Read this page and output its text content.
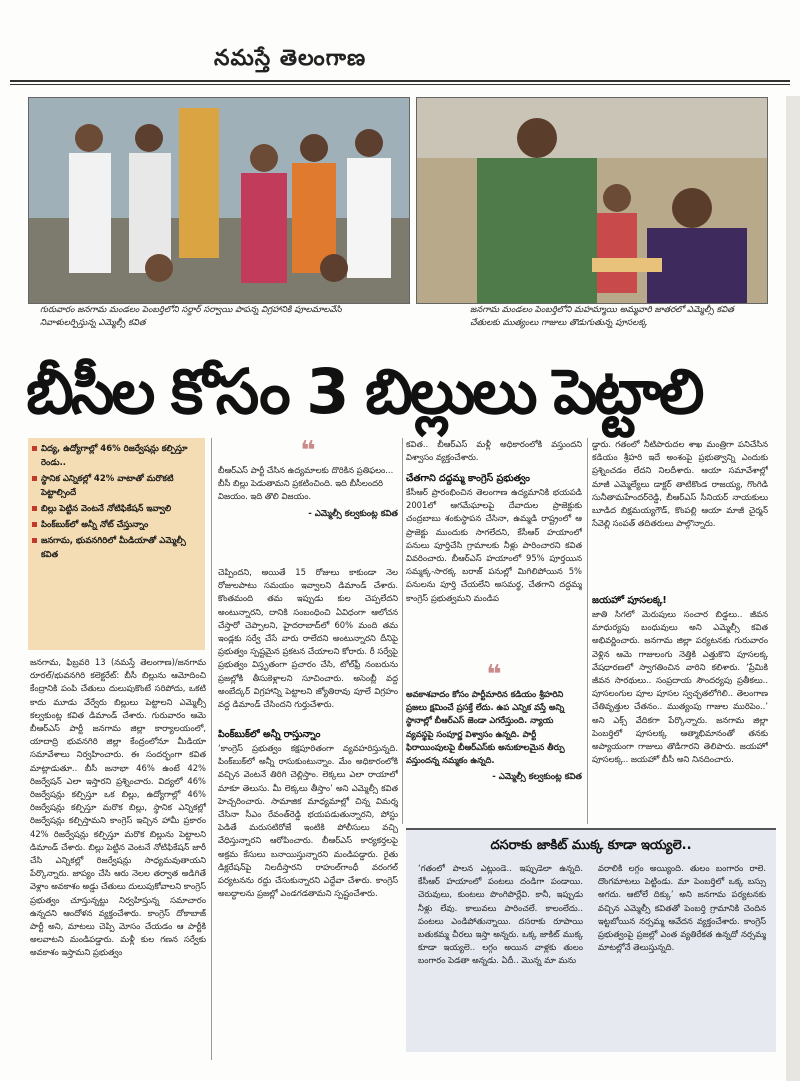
నమస్తే తెలంగాణ
గురువారం జనగామ మండలం పెంబర్తిలోని సర్దార్ సర్వాయి పాపన్న విగ్రహానికి పూలమాలవేసి నివాళులర్పిస్తున్న ఎమ్మెల్సీ కవిత
జనగామ మండలం పెంబర్తిలోని మహమ్మాయి అమ్మవారి జాతరలో ఎమ్మెల్సీ కవిత చేతులకు ముత్యంలు గాజులు తొడుగుతున్న పూసలక్క
బీసీల కోసం 3 బిల్లులు పెట్టాలి
విద్య, ఉద్యోగాల్లో 46% రిజర్వేషన్లు కల్పిస్తూ రెండు..
స్థానిక ఎన్నికల్లో 42% వాటాతో మరొకటి పెట్టాల్సిందే
బిల్లు పెట్టిన వెంటనే నోటిఫికేషన్ ఇవ్వాలి
పింక్‌బుక్‌లో అన్నీ నోట్ చేస్తున్నాం
జనగామ, భువనగిరిలో మీడియాతో ఎమ్మెల్సీ కవిత
❝
బీఆర్‌ఎస్ పార్టీ చేసిన ఉద్యమాలకు దొరికిన ప్రతిఫలం... బీసీ బిల్లు పెడుతామని ప్రకటించింది. ఇది బీసీలందరి విజయం. ఇది తొలి విజయం.
- ఎమ్మెల్సీ కల్వకుంట్ల కవిత
జనగామ, ఫిబ్రవరి 13 (నమస్తే తెలంగాణ)/జనగామ రూరల్/భువనగిరి కలెక్టరేట్: బీసీ బిల్లును ఆమోదించి కేంద్రానికి పంపి చేతులు దులుపుకొంటే సరిపోదు, ఒకటి కాదు మూడు వేర్వేరు బిల్లులు పెట్టాలని ఎమ్మెల్సీ కల్వకుంట్ల కవిత డిమాండ్ చేశారు. గురువారం ఆమె బీఆర్‌ఎస్ పార్టీ జనగామ జిల్లా కార్యాలయంలో, యాదాద్రి భువనగిరి జిల్లా కేంద్రంలోనూ మీడియా సమావేశాలు నిర్వహించారు. ఈ సందర్భంగా కవిత మాట్లాడుతూ.. బీసీ జనాభా 46% ఉంటే 42% రిజర్వేషన్ ఎలా ఇస్తారని ప్రశ్నించారు. విద్యలో 46% రిజర్వేషన్లు కల్పిస్తూ ఒక బిల్లు, ఉద్యోగాల్లో 46% రిజర్వేషన్లు కల్పిస్తూ మరొక బిల్లు, స్థానిక ఎన్నికల్లో రిజర్వేషన్లు కల్పిస్తామని కాంగ్రెస్ ఇచ్చిన హామీ ప్రకారం 42% రిజర్వేషన్లు కల్పిస్తూ మరొక బిల్లును పెట్టాలని డిమాండ్ చేశారు. బిల్లు పెట్టిన వెంటనే నోటిఫికేషన్ జారీ చేసి ఎన్నికల్లో రిజర్వేషన్లు సాధ్యమవుతాయని పేర్కొన్నారు. జాప్యం చేసి ఆరు నెలల తర్వాత అడిగితే వెళ్లాం అవకాశం అడ్డు చేతులు దులుపుకోవాలని కాంగ్రెస్ ప్రభుత్వం చూస్తున్నట్టు నిర్వహిస్తున్న సమాచారం ఉన్నదని ఆందోళన వ్యక్తంచేశారు. కాంగ్రెస్ దోకాబాజ్ పార్టీ అని, మాటలు చెప్పి మోసం చేయడం ఆ పార్టీకి అలవాటని మండిపడ్డారు. మళ్లీ కుల గణన సర్వేకు అవకాశం ఇస్తామని ప్రభుత్వం
చెప్పిందని, అయితే 15 రోజులు కాకుండా నెల రోజులపాటు సమయం ఇవ్వాలని డిమాండ్ చేశారు. కొంతమంది తమ ఇప్పుడు కుల చెప్పలేదని అంటున్నారని, దానికి సంబంధించి ఏవిధంగా ఆలోచన చేస్తారో చెప్పాలని, హైదరాబాద్‌లో 60% మంది తమ ఇండ్లకు సర్వే చేసే వారు రాలేదని అంటున్నారని దీనిపై ప్రభుత్వం స్పష్టమైన ప్రకటన చేయాలని కోరారు. రీ సర్వేపై ప్రభుత్వం విస్తృతంగా ప్రచారం చేసి, టోల్‌ఫ్రీ నంబరును ప్రజల్లోకి తీసుకెళ్లాలని సూచించారు. అసెంబ్లీ వద్ద అంబేద్కర్ విగ్రహాన్ని పెట్టాలని జ్యోతిరావు పూలే విగ్రహం వద్ద డిమాండ్ చేసిందని గుర్తుచేశారు.
పింక్‌బుక్‌లో అన్నీ రాస్తున్నాం
‘కాంగ్రెస్ ప్రభుత్వం కక్షపూరితంగా వ్యవహరిస్తున్నది. పింక్‌బుక్‌లో అన్నీ రాసుకుంటున్నాం. మేం అధికారంలోకి వచ్చిన వెంటనే తిరిగి చెల్లిస్తాం. లెక్కలు ఎలా రాయాలో మాకూ తెలుసు. మీ లెక్కలు తీస్తాం’ అని ఎమ్మెల్సీ కవిత హెచ్చరించారు. సామాజిక మాధ్యమాల్లో చిన్న విమర్శ చేసినా సీఎం రేవంత్‌రెడ్డి భయపడుతున్నారని, పోస్టు పెడితే మరుసటిరోజే ఇంటికి పోలీసులు వచ్చి వేధిస్తున్నారని ఆరోపించారు. బీఆర్‌ఎస్ కార్యకర్తలపై అక్రమ కేసులు బనాయిస్తున్నారని మండిపడ్డారు. రైతు డిక్లరేషన్‌పై నిలదీస్తారని రాహుల్‌గాంధీ వరంగల్ పర్యటనను రద్దు చేసుకున్నారని ఎద్దేవా చేశారు. కాంగ్రెస్ అబద్ధాలను ప్రజల్లో ఎండగడతామని స్పష్టంచేశారు.
కవిత.. బీఆర్‌ఎస్ మళ్లీ అధికారంలోకి వస్తుందని విశ్వాసం వ్యక్తంచేశారు.
చేతగాని దద్దమ్మ కాంగ్రెస్ ప్రభుత్వం
కేసీఆర్ ప్రారంభించిన తెలంగాణ ఉద్యమానికి భయపడి 2001లో ఆగమేఘాలపై దేవాదుల ప్రాజెక్టుకు చంద్రబాబు శంకుస్థాపన చేసినా, ఉమ్మడి రాష్ట్రంలో ఆ ప్రాజెక్టు ముందుకు సాగలేదని, కేసీఆర్ హయాంలో పనులు పూర్తిచేసి గ్రామాలకు నీళ్లు పారించారని కవిత వివరించారు. బీఆర్‌ఎస్ హయాంలో 95% పూర్తయిన సమ్మక్క-సారక్క బరాజ్ పనుల్లో మిగిలిపోయిన 5% పనులను పూర్తి చేయలేని అసమర్థ, చేతగాని దద్దమ్మ కాంగ్రెస్ ప్రభుత్వమని మండిప
❝
అవకాశవాదం కోసం పార్టీమారిన కడియం శ్రీహరిని ప్రజలు క్షమించే ప్రసక్తే లేదు. ఉప ఎన్నిక వస్తే అన్ని స్థానాల్లో బీఆర్‌ఎస్ జెండా ఎగరేస్తుంది. న్యాయ వ్యవస్థపై సంపూర్ణ విశ్వాసం ఉన్నది. పార్టీ ఫిరాయింపులపై బీఆర్‌ఎస్‌కు అనుకూలమైన తీర్పు వస్తుందన్న నమ్మకం ఉన్నది.
- ఎమ్మెల్సీ కల్వకుంట్ల కవిత
డ్డారు. గతంలో నీటిపారుదల శాఖ మంత్రిగా పనిచేసిన కడియం శ్రీహరి ఇదే అంశంపై ప్రభుత్వాన్ని ఎందుకు ప్రశ్నించడం లేదని నిలదీశారు. ఆయా సమావేశాల్లో మాజీ ఎమ్మెల్యేలు డాక్టర్ తాటికొండ రాజయ్య, గొంగిడి సునీతామహేందర్‌రెడ్డి, బీఆర్‌ఎస్ సీనియర్ నాయకులు బూడిద బిక్షమయ్యగౌడ్, కొంపల్లి ఆయా మాజీ చైర్మన్ సేవెల్లి సంపత్ తదితరులు పాల్గొన్నారు.
జయహో పూసలక్క!
జాతి సిగలో మెరుపులు సంచార బిడ్డలు.. జీవన మాధుర్యపు బంధువులు అని ఎమ్మెల్సీ కవిత అభివర్ణించారు. జనగామ జిల్లా పర్యటనకు గురువారం వెళ్లిన ఆమె గాజులంగు నెత్తికి ఎత్తుకొని పూసలక్క వేషధారణలో స్వాగతించిన వారిని కలిశారు. ‘ప్రేమికి జీవన సారథులు.. సంప్రదాయ సౌందర్యపు ప్రతీకలు.. పూసలంగుల పూల పూసల స్వచ్ఛతలోగిలి.. తెలంగాణ చేతివృత్తుల చేతనం.. ముత్యంపు గాజుల మురిపెం..’ అని ఎక్స్ వేదికగా పేర్కొన్నారు. జనగామ జిల్లా పెంబర్తిలో పూసలక్క ఆత్మాభిమానంతో తనకు అప్యాయంగా గాజులు తొడిగారని తెలిపారు. జయహో పూసలక్క.. జయహో బీసీ అని నినదించారు.
దసరాకు జాకిట్ ముక్క కూడా ఇయ్యలె..
‘గతంలో పాలన ఎట్లుండె.. ఇప్పుడెలా ఉన్నది. కేసీఆర్ హయాంలో పంటలు దండిగా పండాయి. చెరువులు, కుంటలు పొంగిపొర్లేవి. కానీ, ఇప్పుడు నీళ్లు లేవు. కాలువలు పారించలే. కాలంలేదు.. పంటలు ఎండిపోతున్నాయి. దసరాకు రూపాయి బతుకమ్మ చీరలు ఇస్తా అన్నరు. ఒక్క జాకిట్ ముక్క కూడా ఇయ్యలె.. లగ్గం అయిన వాళ్లకు తులం బంగారం పెడతా అన్నడు. ఏదీ.. మొన్న మా మను
వరాలికి లగ్గం అయ్యింది. తులం బంగారం రాలె. దొంగమాటలు పెట్టిండు. మా పెంబర్తిలో ఒక్క బస్సు అగదు. ఆటోలే దిక్కు’ అని జనగామ పర్యటనకు వచ్చిన ఎమ్మెల్సీ కవితతో పెంబర్తి గ్రామానికి చెందిన ఇట్టబోయిన నర్సమ్మ ఆవేదన వ్యక్తంచేశారు. కాంగ్రెస్ ప్రభుత్వంపై ప్రజల్లో ఎంత వ్యతిరేకత ఉన్నదో నర్సమ్మ మాటల్లోనే తెలుస్తున్నది.
